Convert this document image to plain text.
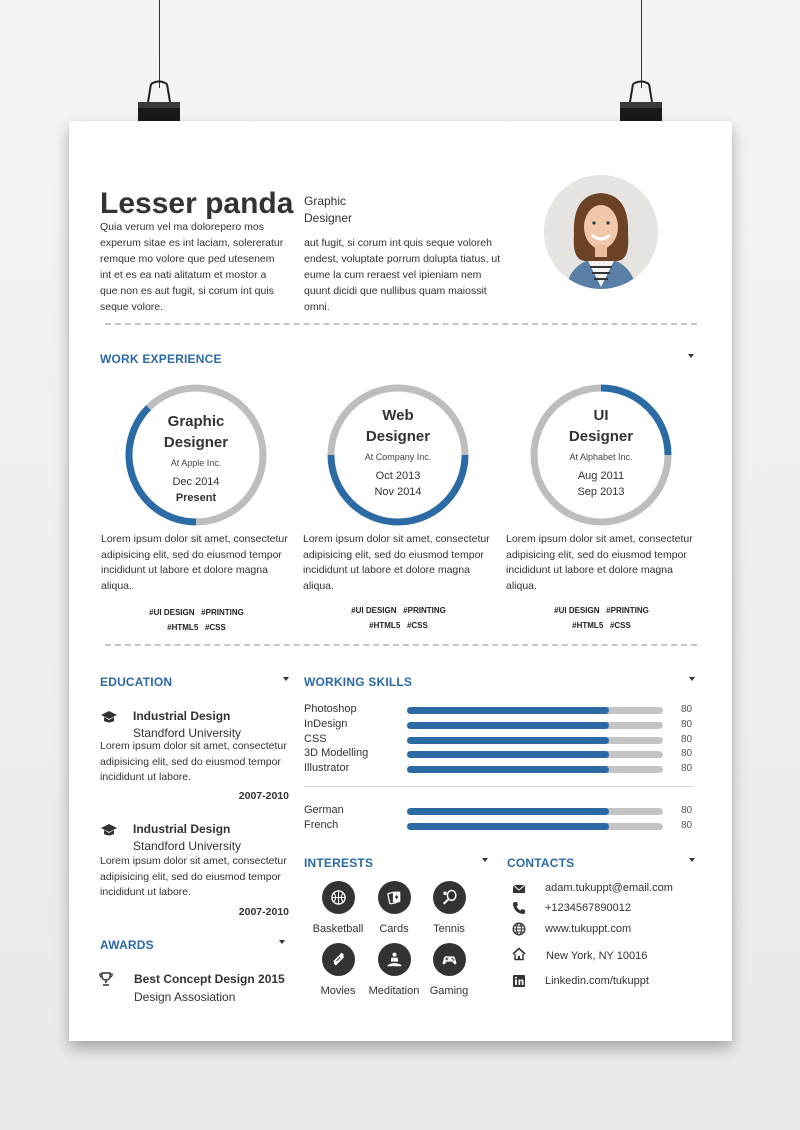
Lesser panda
Quia verum vel ma dolorepero mos experum sitae es int laciam, solereratur remque mo volore que ped utesenem int et es ea nati alitatum et mostor a que non es aut fugit, si corum int quis seque volore.
Graphic Designer
aut fugit, si corum int quis seque voloreh endest, voluptate porrum dolupta tiatus, ut eume la cum reraest vel ipieniam nem quunt dicidi que nullibus quam maiossit omni.
WORK EXPERIENCE
Graphic
Designer
At Apple Inc.
Dec 2014
Present
Lorem ipsum dolor sit amet, consectetur adipisicing elit, sed do eiusmod tempor incididunt ut labore et dolore magna aliqua.
#UI DESIGN   #PRINTING
#HTML5   #CSS
Web
Designer
At Company Inc.
Oct 2013
Nov 2014
Lorem ipsum dolor sit amet, consectetur adipisicing elit, sed do eiusmod tempor incididunt ut labore et dolore magna aliqua.
#UI DESIGN   #PRINTING
#HTML5   #CSS
UI
Designer
At Alphabet Inc.
Aug 2011
Sep 2013
Lorem ipsum dolor sit amet, consectetur adipisicing elit, sed do eiusmod tempor incididunt ut labore et dolore magna aliqua.
#UI DESIGN   #PRINTING
#HTML5   #CSS
EDUCATION
Industrial Design
Standford University
Lorem ipsum dolor sit amet, consectetur adipisicing elit, sed do eiusmod tempor incididunt ut labore.
2007-2010
Industrial Design
Standford University
Lorem ipsum dolor sit amet, consectetur adipisicing elit, sed do eiusmod tempor incididunt ut labore.
2007-2010
AWARDS
Best Concept Design 2015
Design Assosiation
WORKING SKILLS
Photoshop	80
InDesign	80
CSS	80
3D Modelling	80
Illustrator	80
German	80
French	80
INTERESTS
Basketball	Cards	Tennis
Movies	Meditation Gaming
CONTACTS
adam.tukuppt@email.com
+1234567890012
www.tukuppt.com
New York, NY 10016
Linkedin.com/tukuppt
